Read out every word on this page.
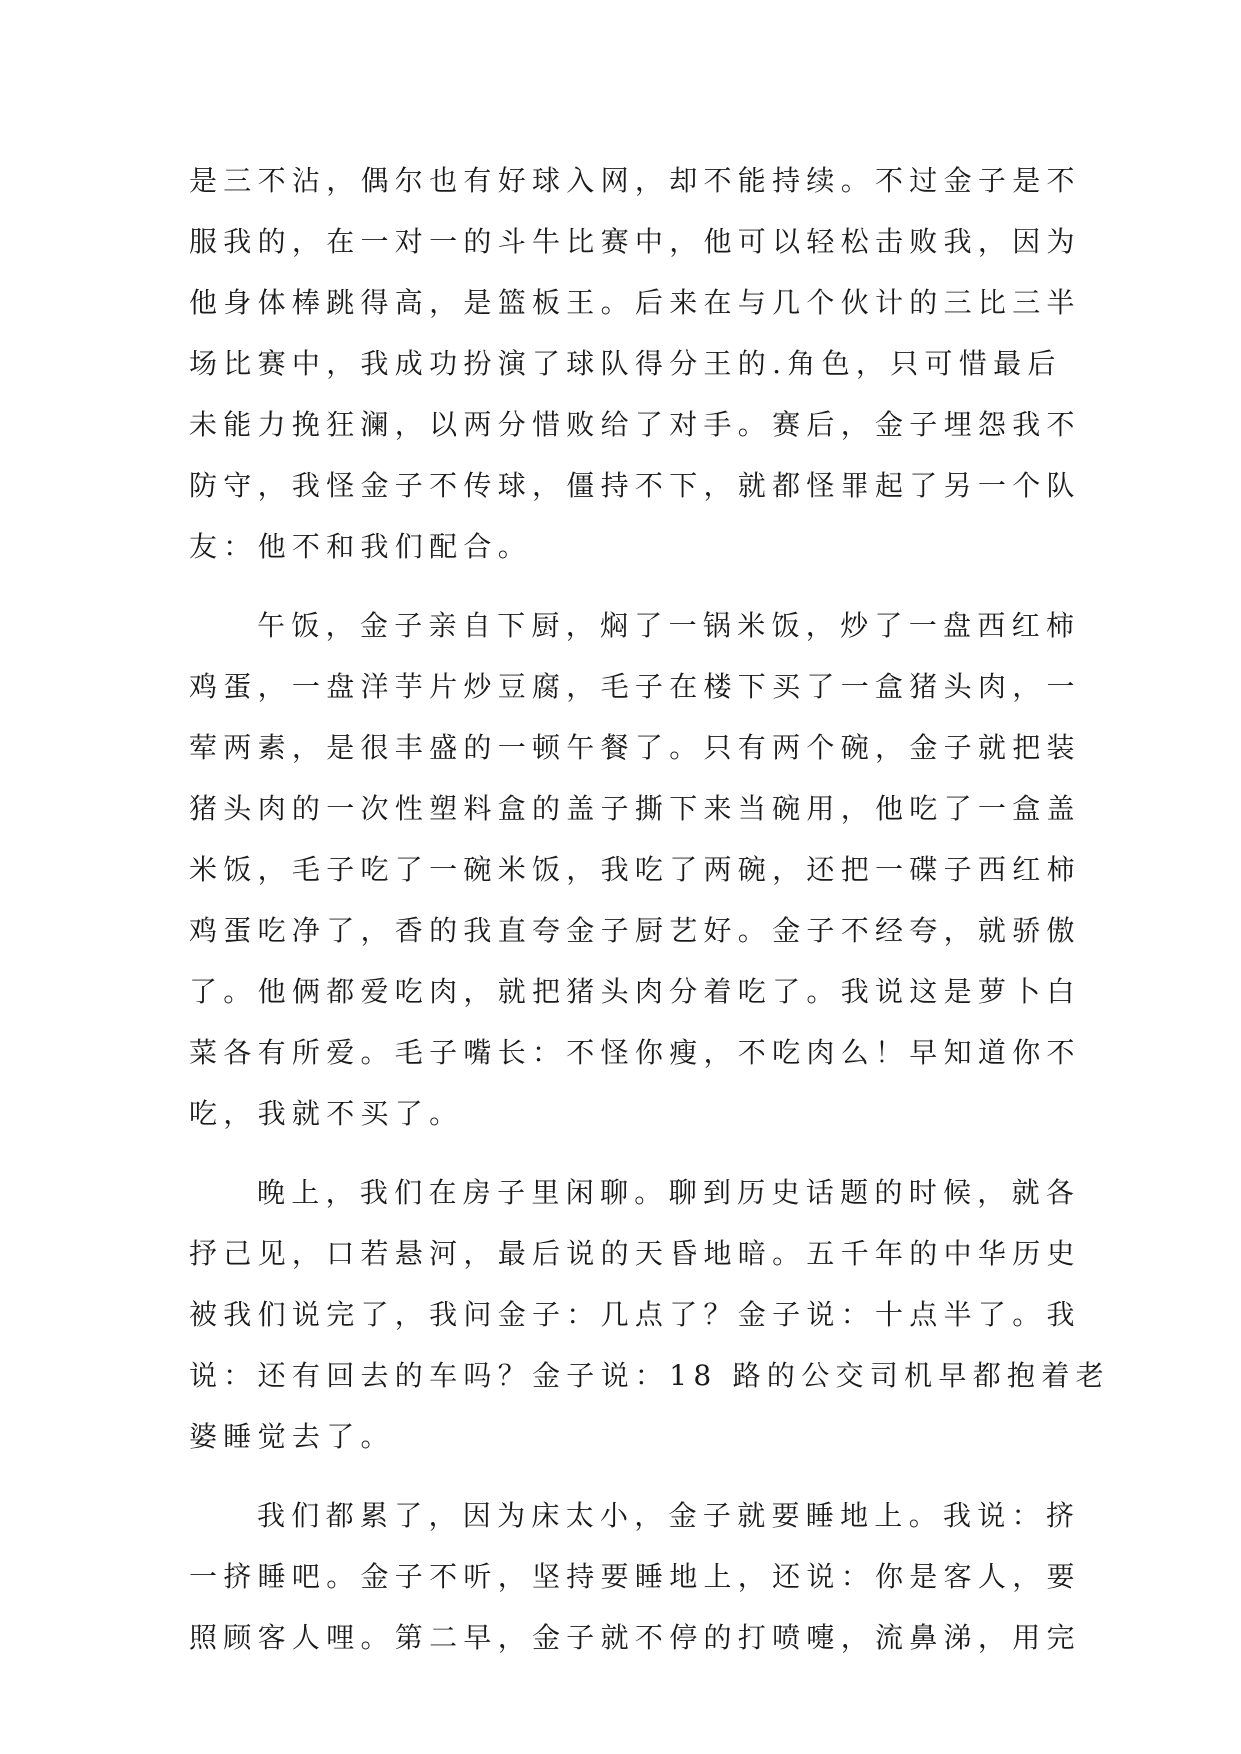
是三不沾，偶尔也有好球入网，却不能持续。不过金子是不
服我的，在一对一的斗牛比赛中，他可以轻松击败我，因为
他身体棒跳得高，是篮板王。后来在与几个伙计的三比三半
场比赛中，我成功扮演了球队得分王的.角色，只可惜最后
未能力挽狂澜，以两分惜败给了对手。赛后，金子埋怨我不
防守，我怪金子不传球，僵持不下，就都怪罪起了另一个队
友：他不和我们配合。
午饭，金子亲自下厨，焖了一锅米饭，炒了一盘西红柿
鸡蛋，一盘洋芋片炒豆腐，毛子在楼下买了一盒猪头肉，一
荤两素，是很丰盛的一顿午餐了。只有两个碗，金子就把装
猪头肉的一次性塑料盒的盖子撕下来当碗用，他吃了一盒盖
米饭，毛子吃了一碗米饭，我吃了两碗，还把一碟子西红柿
鸡蛋吃净了，香的我直夸金子厨艺好。金子不经夸，就骄傲
了。他俩都爱吃肉，就把猪头肉分着吃了。我说这是萝卜白
菜各有所爱。毛子嘴长：不怪你瘦，不吃肉么！早知道你不
吃，我就不买了。
晚上，我们在房子里闲聊。聊到历史话题的时候，就各
抒己见，口若悬河，最后说的天昏地暗。五千年的中华历史
被我们说完了，我问金子：几点了？金子说：十点半了。我
说：还有回去的车吗？金子说：18 路的公交司机早都抱着老
婆睡觉去了。
我们都累了，因为床太小，金子就要睡地上。我说：挤
一挤睡吧。金子不听，坚持要睡地上，还说：你是客人，要
照顾客人哩。第二早，金子就不停的打喷嚏，流鼻涕，用完
